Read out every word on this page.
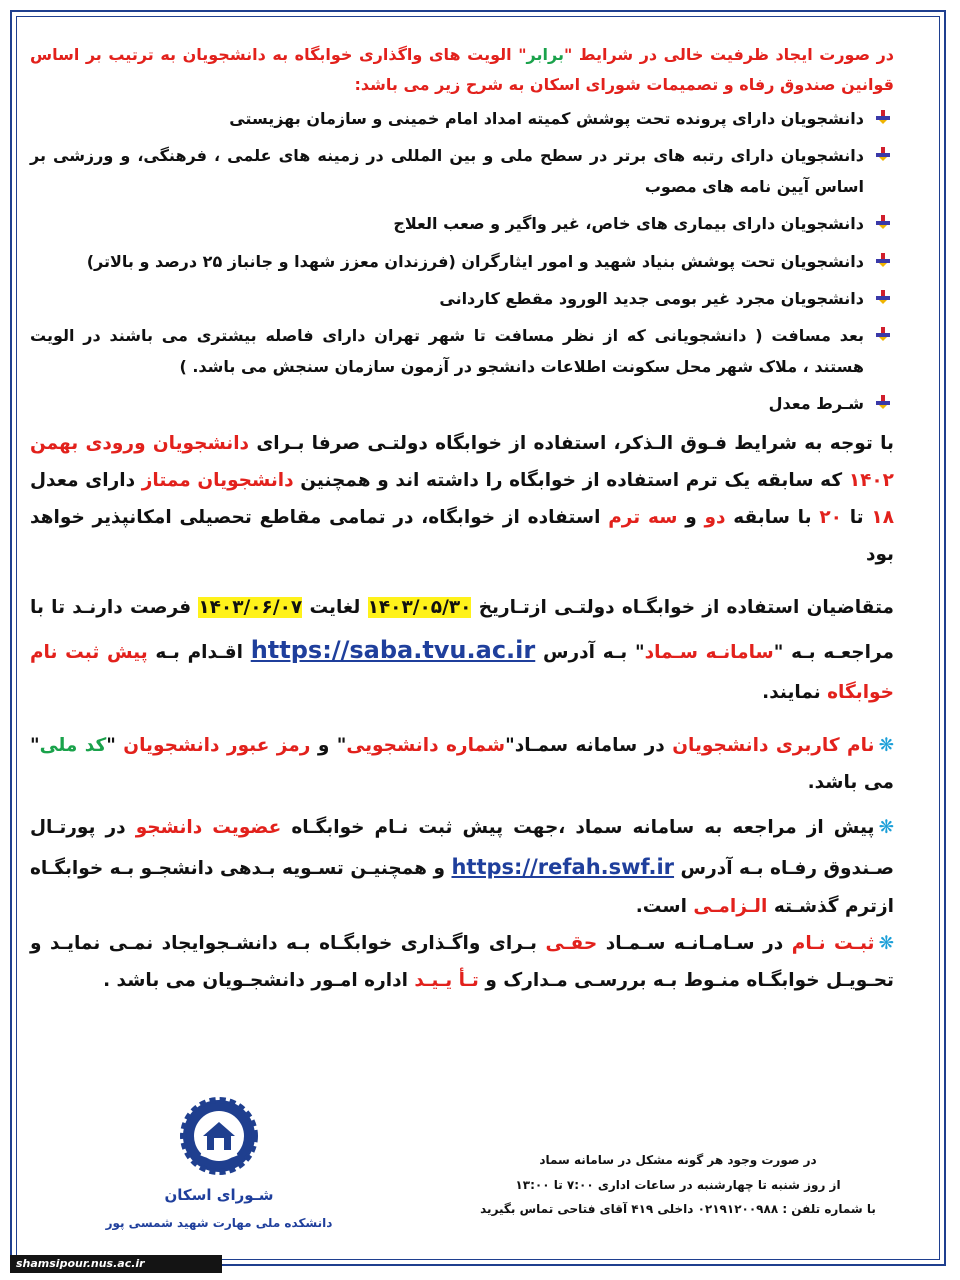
در صورت ایجاد ظرفیت خالی در شرایط "برابر" الویت های واگذاری خوابگاه به دانشجویان به ترتیب بر اساس قوانین صندوق رفاه و تصمیمات شورای اسکان به شرح زیر می باشد:

دانشجویان دارای پرونده تحت پوشش کمیته امداد امام خمینی و سازمان بهزیستی
دانشجویان دارای رتبه های برتر در سطح ملی و بین المللی در زمینه های علمی ، فرهنگی، و ورزشی بر اساس آیین نامه های مصوب
دانشجویان دارای بیماری های خاص، غیر واگیر و صعب العلاج
دانشجویان تحت پوشش بنیاد شهید و امور ایثارگران (فرزندان معزز شهدا و جانباز ۲۵ درصد و بالاتر)
دانشجویان مجرد غیر بومی جدید الورود مقطع کاردانی
بعد مسافت ( دانشجویانی که از نظر مسافت تا شهر تهران دارای فاصله بیشتری می باشند در الویت هستند ، ملاک شهر محل سکونت اطلاعات دانشجو در آزمون سازمان سنجش می باشد. )
شـرط معدل

با توجه به شرایط فـوق الـذکر، استفاده از خوابگاه دولتـی صرفا بـرای دانشجویان ورودی بهمن ۱۴۰۲ که سابقه یک ترم استفاده از خوابگاه را داشته اند و همچنین دانشجویان ممتاز دارای معدل ۱۸ تا ۲۰ با سابقه دو و سه ترم استفاده از خوابگاه، در تمامی مقاطع تحصیلی امکانپذیر خواهد بود

متقاضیان استفاده از خوابگـاه دولتـی ازتـاریخ ۱۴۰۳/۰۵/۳۰ لغایت ۱۴۰۳/۰۶/۰۷ فرصت دارنـد تا با مراجعـه بـه "سامانـه سـماد" بـه آدرس https://saba.tvu.ac.ir اقـدام بـه پیش ثبت نام خوابگاه نمایند.

❋نام کاربری دانشجویان در سامانه سمـاد"شماره دانشجویی" و رمز عبور دانشجویان "کد ملی" می باشد.

❋پیش از مراجعه به سامانه سماد ،جهت پیش ثبت نـام خوابگـاه عضویت دانشجو در پورتـال صـندوق رفـاه بـه آدرس https://refah.swf.ir و همچنیـن تسـویه بـدهی دانشجـو بـه خوابگـاه ازترم گذشـته الـزامـی است.

❋ثبـت نـام در سـامـانـه سـمـاد حقـی بـرای واگـذاری خوابگـاه بـه دانشـجوایجاد نمـی نمایـد و تحـویـل خوابگـاه منـوط بـه بررسـی مـدارک و تـأ یـیـد اداره امـور دانشجـویان می باشد .

در صورت وجود هر گونه مشکل در سامانه سماد
از روز شنبه تا چهارشنبه در ساعات اداری ۷:۰۰ تا ۱۳:۰۰
با شماره تلفن : ۰۲۱۹۱۲۰۰۹۸۸ داخلی ۴۱۹ آقای فتاحی تماس بگیرید
شـورای اسکان
دانشکده ملی مهارت شهید شمسی پور
shamsipour.nus.ac.ir
